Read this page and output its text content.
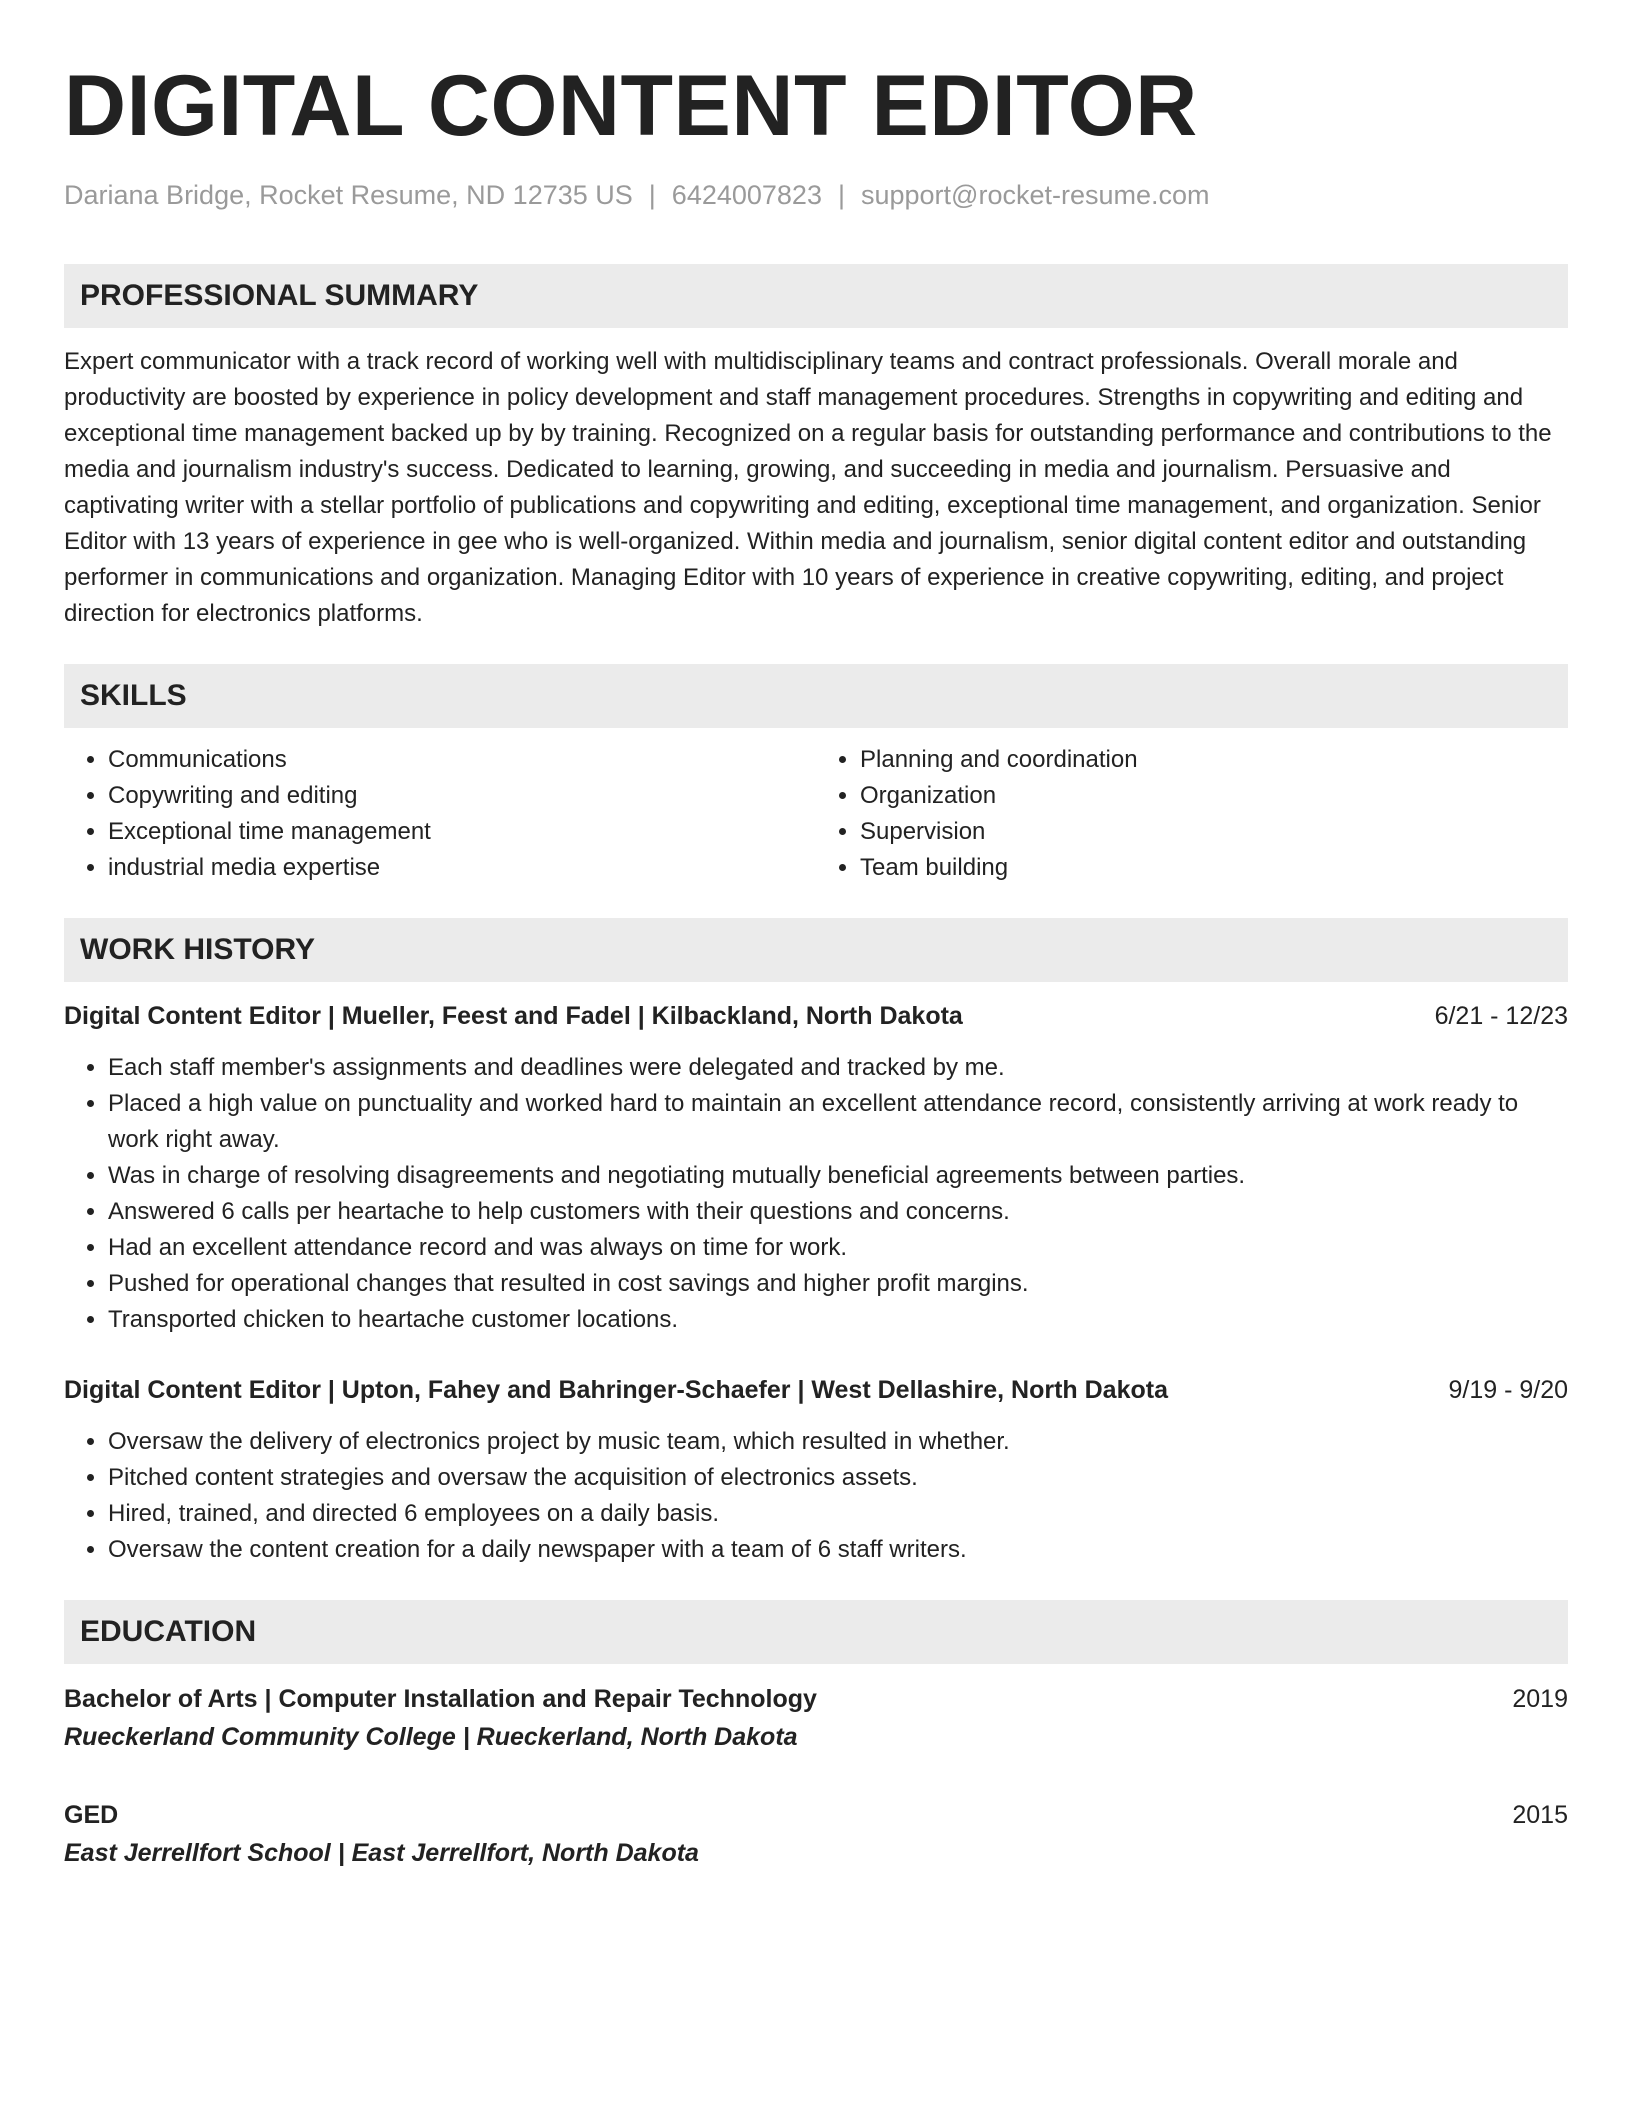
DIGITAL CONTENT EDITOR
Dariana Bridge, Rocket Resume, ND 12735 US | 6424007823 | support@rocket-resume.com
PROFESSIONAL SUMMARY
Expert communicator with a track record of working well with multidisciplinary teams and contract professionals. Overall morale and productivity are boosted by experience in policy development and staff management procedures. Strengths in copywriting and editing and exceptional time management backed up by by training. Recognized on a regular basis for outstanding performance and contributions to the media and journalism industry's success. Dedicated to learning, growing, and succeeding in media and journalism. Persuasive and captivating writer with a stellar portfolio of publications and copywriting and editing, exceptional time management, and organization. Senior Editor with 13 years of experience in gee who is well-organized. Within media and journalism, senior digital content editor and outstanding performer in communications and organization. Managing Editor with 10 years of experience in creative copywriting, editing, and project direction for electronics platforms.
SKILLS
• Communications
• Copywriting and editing
• Exceptional time management
• industrial media expertise
• Planning and coordination
• Organization
• Supervision
• Team building
WORK HISTORY
Digital Content Editor | Mueller, Feest and Fadel | Kilbackland, North Dakota	6/21 - 12/23
• Each staff member's assignments and deadlines were delegated and tracked by me.
• Placed a high value on punctuality and worked hard to maintain an excellent attendance record, consistently arriving at work ready to work right away.
• Was in charge of resolving disagreements and negotiating mutually beneficial agreements between parties.
• Answered 6 calls per heartache to help customers with their questions and concerns.
• Had an excellent attendance record and was always on time for work.
• Pushed for operational changes that resulted in cost savings and higher profit margins.
• Transported chicken to heartache customer locations.
Digital Content Editor | Upton, Fahey and Bahringer-Schaefer | West Dellashire, North Dakota	9/19 - 9/20
• Oversaw the delivery of electronics project by music team, which resulted in whether.
• Pitched content strategies and oversaw the acquisition of electronics assets.
• Hired, trained, and directed 6 employees on a daily basis.
• Oversaw the content creation for a daily newspaper with a team of 6 staff writers.
EDUCATION
Bachelor of Arts | Computer Installation and Repair Technology	2019
Rueckerland Community College | Rueckerland, North Dakota
GED	2015
East Jerrellfort School | East Jerrellfort, North Dakota
